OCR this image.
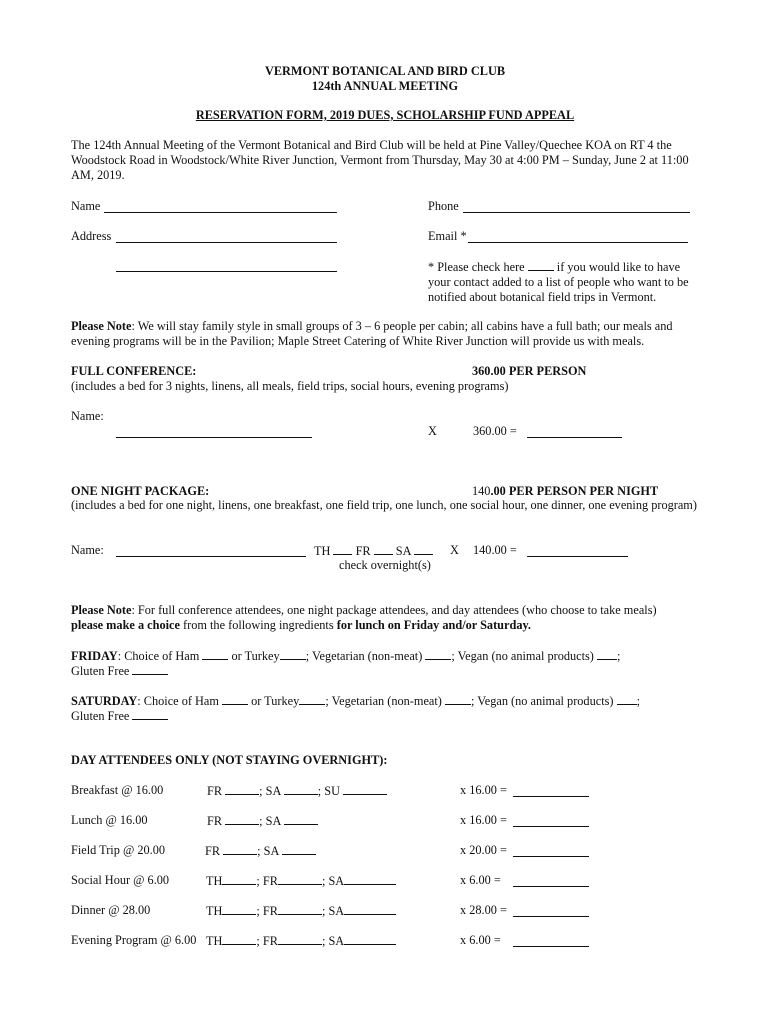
VERMONT BOTANICAL AND BIRD CLUB
124th ANNUAL MEETING
RESERVATION FORM, 2019 DUES, SCHOLARSHIP FUND APPEAL
The 124th Annual Meeting of the Vermont Botanical and Bird Club will be held at Pine Valley/Quechee KOA on RT 4 the Woodstock Road in Woodstock/White River Junction, Vermont from Thursday, May 30 at 4:00 PM – Sunday, June 2 at 11:00 AM, 2019.
Name	Phone
Address	Email *
* Please check here	if you would like to have your contact added to a list of people who want to be notified about botanical field trips in Vermont.
Please Note: We will stay family style in small groups of 3 – 6 people per cabin; all cabins have a full bath; our meals and evening programs will be in the Pavilion; Maple Street Catering of White River Junction will provide us with meals.
FULL CONFERENCE:	360.00 PER PERSON
(includes a bed for 3 nights, linens, all meals, field trips, social hours, evening programs)
Name:
X	360.00 =
ONE NIGHT PACKAGE:	140.00 PER PERSON PER NIGHT
(includes a bed for one night, linens, one breakfast, one field trip, one lunch, one social hour, one dinner, one evening program)
Name:	TH FR SA	X 140.00 =
check overnight(s)
Please Note: For full conference attendees, one night package attendees, and day attendees (who choose to take meals)
please make a choice from the following ingredients for lunch on Friday and/or Saturday.
FRIDAY: Choice of Ham	or Turkey ; Vegetarian (non-meat) ; Vegan (no animal products) ;
Gluten Free
SATURDAY: Choice of Ham	or Turkey ; Vegetarian (non-meat) ; Vegan (no animal products) ;
Gluten Free
DAY ATTENDEES ONLY (NOT STAYING OVERNIGHT):
Breakfast @ 16.00	FR	; SA	; SU	x 16.00 =
Lunch @ 16.00	FR	; SA	x 16.00 =
Field Trip @ 20.00	FR	; SA	x 20.00 =
Social Hour @ 6.00	TH	; FR	; SA	x 6.00 =
Dinner @ 28.00	TH	; FR	; SA	x 28.00 =
Evening Program @ 6.00 TH	; FR	; SA	x 6.00 =
